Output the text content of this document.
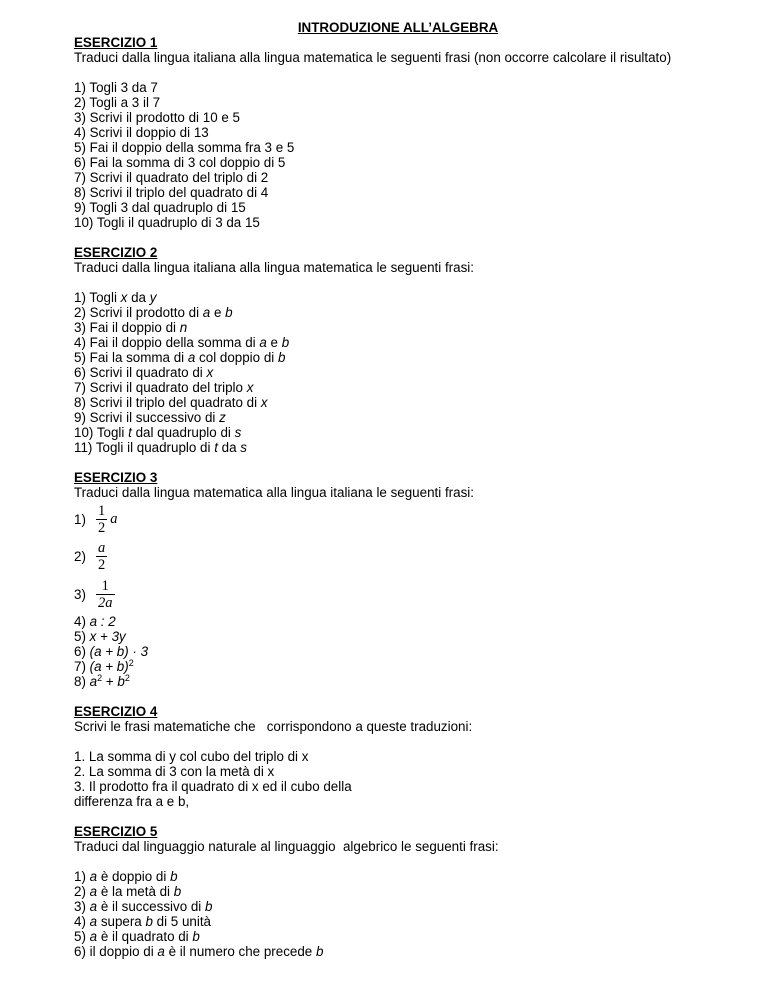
INTRODUZIONE ALL’ALGEBRA
ESERCIZIO 1
Traduci dalla lingua italiana alla lingua matematica le seguenti frasi (non occorre calcolare il risultato)
1) Togli 3 da 7
2) Togli a 3 il 7
3) Scrivi il prodotto di 10 e 5
4) Scrivi il doppio di 13
5) Fai il doppio della somma fra 3 e 5
6) Fai la somma di 3 col doppio di 5
7) Scrivi il quadrato del triplo di 2
8) Scrivi il triplo del quadrato di 4
9) Togli 3 dal quadruplo di 15
10) Togli il quadruplo di 3 da 15
ESERCIZIO 2
Traduci dalla lingua italiana alla lingua matematica le seguenti frasi:
1) Togli x da y
2) Scrivi il prodotto di a e b
3) Fai il doppio di n
4) Fai il doppio della somma di a e b
5) Fai la somma di a col doppio di b
6) Scrivi il quadrato di x
7) Scrivi il quadrato del triplo x
8) Scrivi il triplo del quadrato di x
9) Scrivi il successivo di z
10) Togli t dal quadruplo di s
11) Togli il quadruplo di t da s
ESERCIZIO 3
Traduci dalla lingua matematica alla lingua italiana le seguenti frasi:
$1) \frac{1}{2}$ a
$2) \frac{a}{2}$
$3) \frac{1}{2a}$
4) a : 2
5) x + 3y
6) (a + b) · 3
7) $(a + b)^2$
8) $a^2 + b^2$
ESERCIZIO 4
Scrivi le frasi matematiche che   corrispondono a queste traduzioni:
1. La somma di y col cubo del triplo di x
2. La somma di 3 con la metà di x
3. Il prodotto fra il quadrato di x ed il cubo della
differenza fra a e b,
ESERCIZIO 5
Traduci dal linguaggio naturale al linguaggio  algebrico le seguenti frasi:
1) a è doppio di b
2) a è la metà di b
3) a è il successivo di b
4) a supera b di 5 unità
5) a è il quadrato di b
6) il doppio di a è il numero che precede b
